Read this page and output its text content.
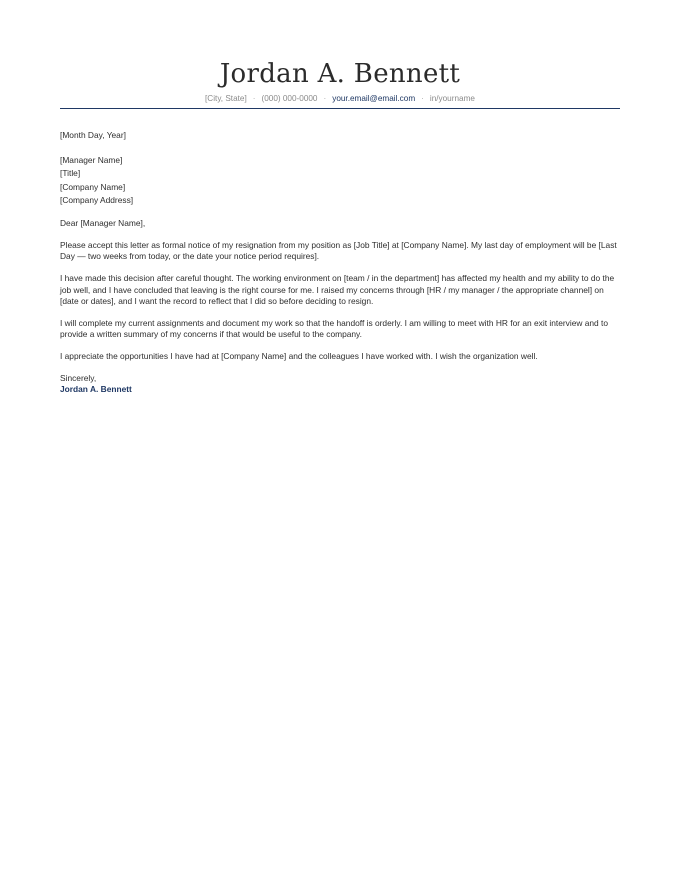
Jordan A. Bennett
[City, State] · (000) 000-0000 · your.email@email.com · in/yourname

[Month Day, Year]

[Manager Name]
[Title]
[Company Name]
[Company Address]

Dear [Manager Name],

Please accept this letter as formal notice of my resignation from my position as [Job Title] at [Company Name]. My last day of employment will be [Last Day — two weeks from today, or the date your notice period requires].

I have made this decision after careful thought. The working environment on [team / in the department] has affected my health and my ability to do the job well, and I have concluded that leaving is the right course for me. I raised my concerns through [HR / my manager / the appropriate channel] on [date or dates], and I want the record to reflect that I did so before deciding to resign.

I will complete my current assignments and document my work so that the handoff is orderly. I am willing to meet with HR for an exit interview and to provide a written summary of my concerns if that would be useful to the company.

I appreciate the opportunities I have had at [Company Name] and the colleagues I have worked with. I wish the organization well.

Sincerely,

Jordan A. Bennett
